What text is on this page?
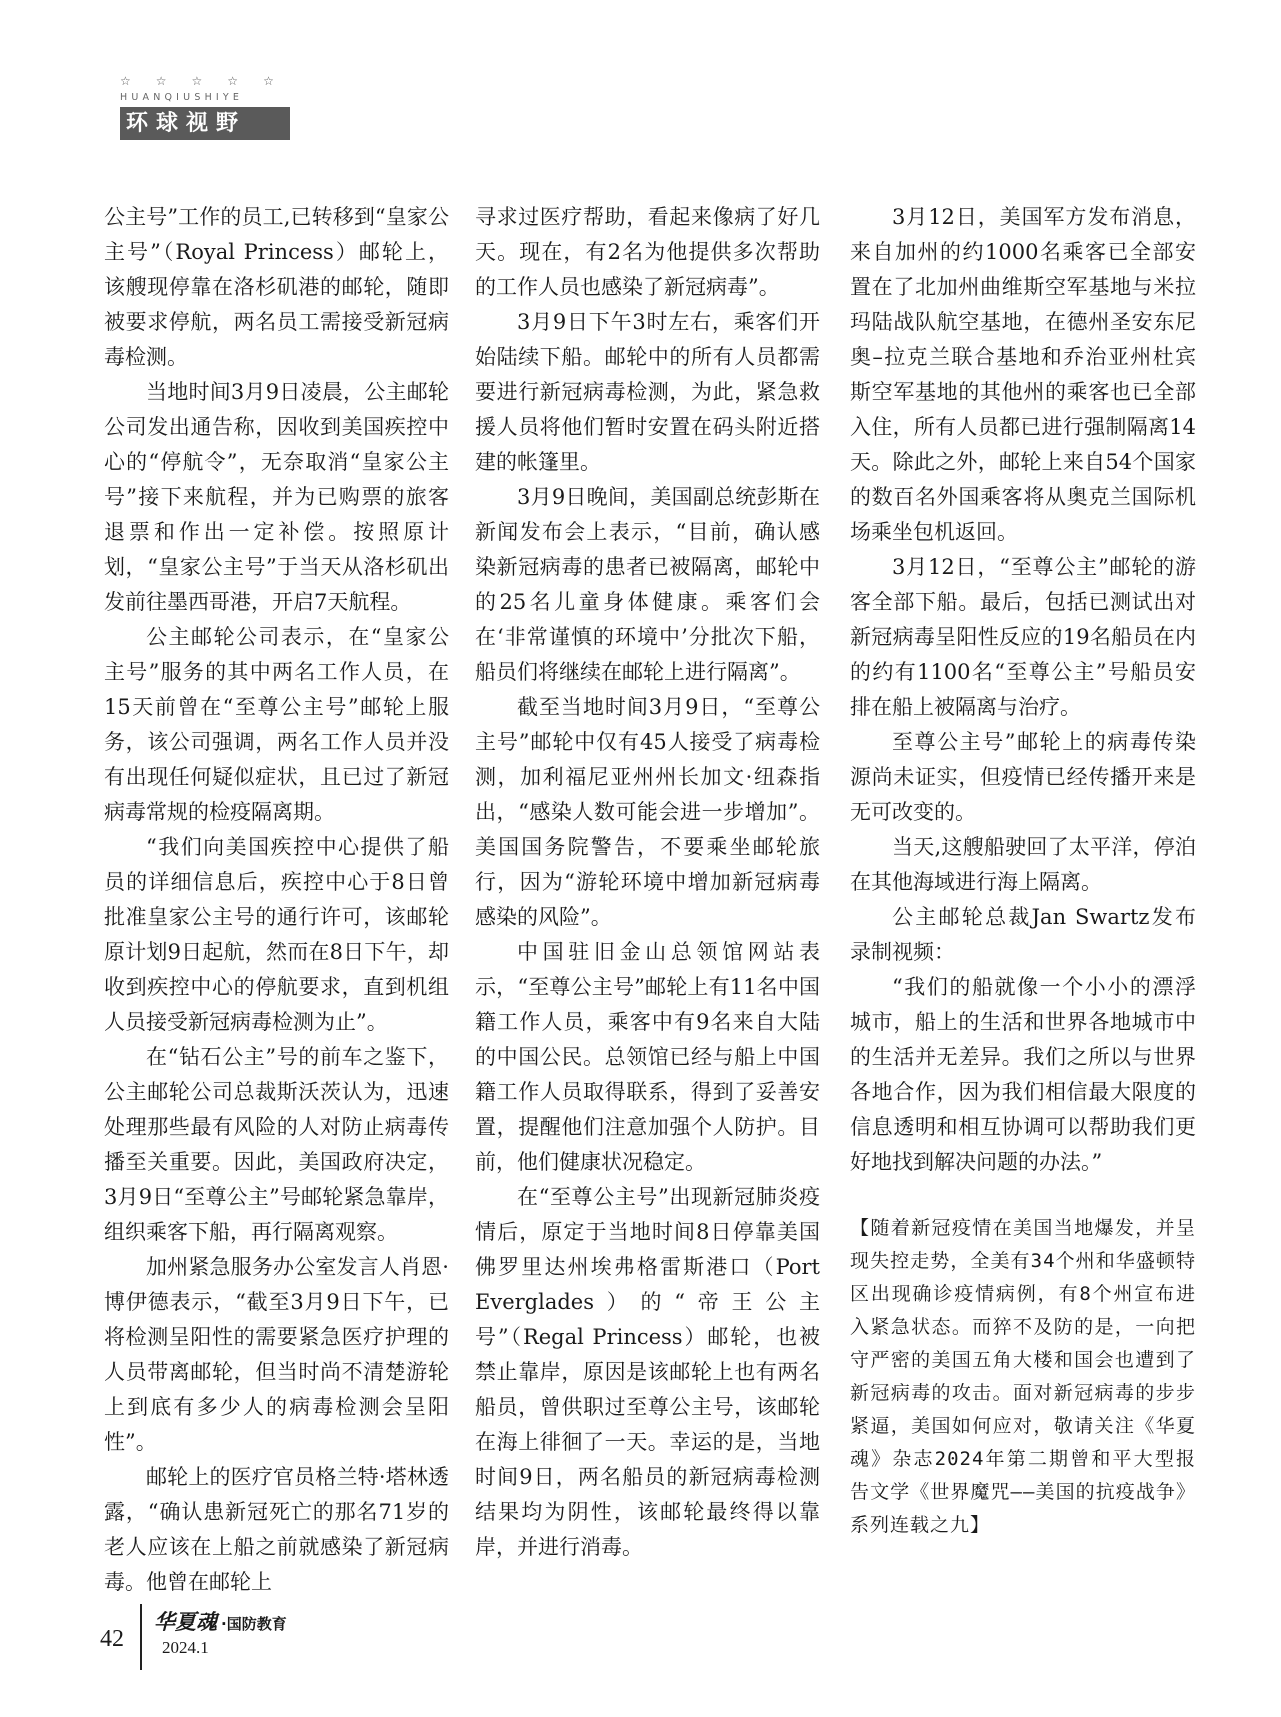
☆ ☆ ☆ ☆ ☆
HUANQIUSHIYE
环球视野

公主号”工作的员工,已转移到“皇家公主号”（Royal Princess）邮轮上，该艘现停靠在洛杉矶港的邮轮，随即被要求停航，两名员工需接受新冠病毒检测。

当地时间3月9日凌晨，公主邮轮公司发出通告称，因收到美国疾控中心的“停航令”，无奈取消“皇家公主号”接下来航程，并为已购票的旅客退票和作出一定补偿。按照原计划，“皇家公主号”于当天从洛杉矶出发前往墨西哥港，开启7天航程。

公主邮轮公司表示，在“皇家公主号”服务的其中两名工作人员，在15天前曾在“至尊公主号”邮轮上服务，该公司强调，两名工作人员并没有出现任何疑似症状，且已过了新冠病毒常规的检疫隔离期。

“我们向美国疾控中心提供了船员的详细信息后，疾控中心于8日曾批准皇家公主号的通行许可，该邮轮原计划9日起航，然而在8日下午，却收到疾控中心的停航要求，直到机组人员接受新冠病毒检测为止”。

在“钻石公主”号的前车之鉴下，公主邮轮公司总裁斯沃茨认为，迅速处理那些最有风险的人对防止病毒传播至关重要。因此，美国政府决定，3月9日“至尊公主”号邮轮紧急靠岸，组织乘客下船，再行隔离观察。

加州紧急服务办公室发言人肖恩·博伊德表示，“截至3月9日下午，已将检测呈阳性的需要紧急医疗护理的人员带离邮轮，但当时尚不清楚游轮上到底有多少人的病毒检测会呈阳性”。

邮轮上的医疗官员格兰特·塔林透露，“确认患新冠死亡的那名71岁的老人应该在上船之前就感染了新冠病毒。他曾在邮轮上

寻求过医疗帮助，看起来像病了好几天。现在，有2名为他提供多次帮助的工作人员也感染了新冠病毒”。

3月9日下午3时左右，乘客们开始陆续下船。邮轮中的所有人员都需要进行新冠病毒检测，为此，紧急救援人员将他们暂时安置在码头附近搭建的帐篷里。

3月9日晚间，美国副总统彭斯在新闻发布会上表示，“目前，确认感染新冠病毒的患者已被隔离，邮轮中的25名儿童身体健康。乘客们会在‘非常谨慎的环境中’分批次下船，船员们将继续在邮轮上进行隔离”。

截至当地时间3月9日，“至尊公主号”邮轮中仅有45人接受了病毒检测，加利福尼亚州州长加文·纽森指出，“感染人数可能会进一步增加”。美国国务院警告，不要乘坐邮轮旅行，因为“游轮环境中增加新冠病毒感染的风险”。

中国驻旧金山总领馆网站表示，“至尊公主号”邮轮上有11名中国籍工作人员，乘客中有9名来自大陆的中国公民。总领馆已经与船上中国籍工作人员取得联系，得到了妥善安置，提醒他们注意加强个人防护。目前，他们健康状况稳定。

在“至尊公主号”出现新冠肺炎疫情后，原定于当地时间8日停靠美国佛罗里达州埃弗格雷斯港口（Port Everglades）的“帝王公主号”（Regal Princess）邮轮，也被禁止靠岸，原因是该邮轮上也有两名船员，曾供职过至尊公主号，该邮轮在海上徘徊了一天。幸运的是，当地时间9日，两名船员的新冠病毒检测结果均为阴性，该邮轮最终得以靠岸，并进行消毒。

3月12日，美国军方发布消息，来自加州的约1000名乘客已全部安置在了北加州曲维斯空军基地与米拉玛陆战队航空基地，在德州圣安东尼奥–拉克兰联合基地和乔治亚州杜宾斯空军基地的其他州的乘客也已全部入住，所有人员都已进行强制隔离14天。除此之外，邮轮上来自54个国家的数百名外国乘客将从奥克兰国际机场乘坐包机返回。

3月12日，“至尊公主”邮轮的游客全部下船。最后，包括已测试出对新冠病毒呈阳性反应的19名船员在内的约有1100名“至尊公主”号船员安排在船上被隔离与治疗。

至尊公主号”邮轮上的病毒传染源尚未证实，但疫情已经传播开来是无可改变的。

当天,这艘船驶回了太平洋，停泊在其他海域进行海上隔离。

公主邮轮总裁Jan Swartz发布录制视频：

“我们的船就像一个小小的漂浮城市，船上的生活和世界各地城市中的生活并无差异。我们之所以与世界各地合作，因为我们相信最大限度的信息透明和相互协调可以帮助我们更好地找到解决问题的办法。”

【随着新冠疫情在美国当地爆发，并呈现失控走势，全美有34个州和华盛顿特区出现确诊疫情病例，有8个州宣布进入紧急状态。而猝不及防的是，一向把守严密的美国五角大楼和国会也遭到了新冠病毒的攻击。面对新冠病毒的步步紧逼，美国如何应对，敬请关注《华夏魂》杂志2024年第二期曾和平大型报告文学《世界魔咒——美国的抗疫战争》系列连载之九】
42
华夏魂 ·国防教育
2024.1
